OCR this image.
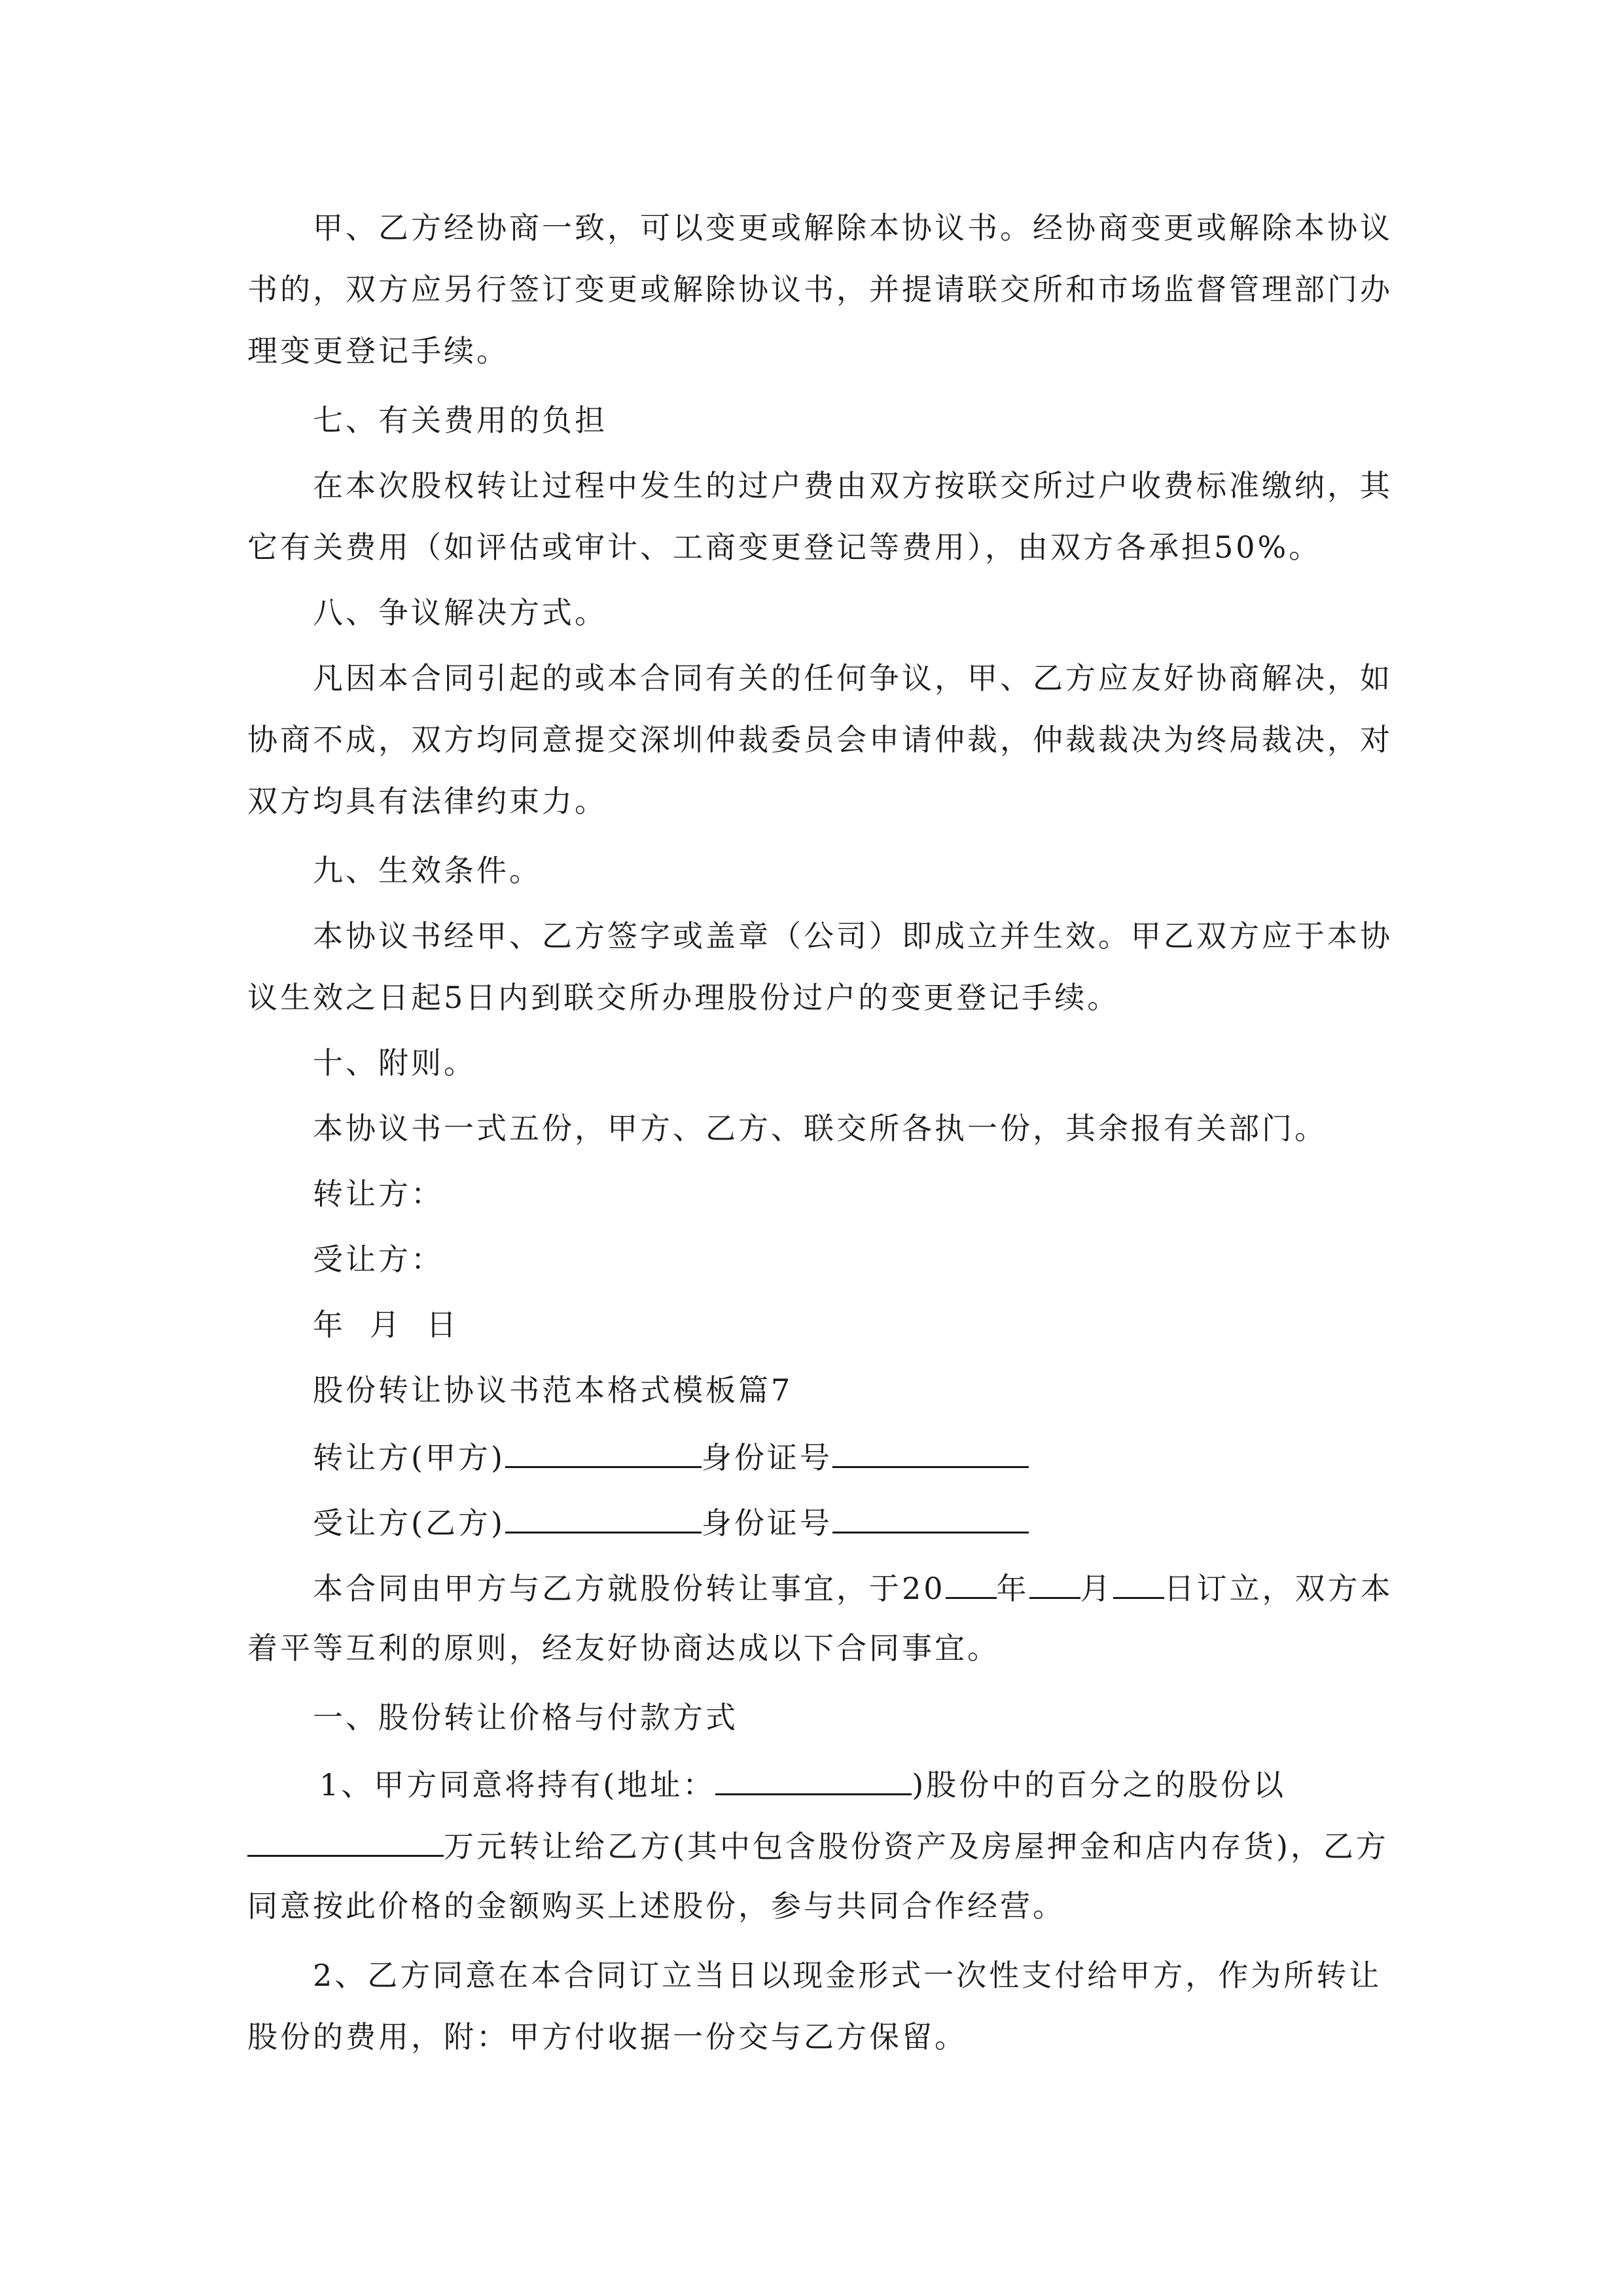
甲、乙方经协商一致，可以变更或解除本协议书。经协商变更或解除本协议
书的，双方应另行签订变更或解除协议书，并提请联交所和市场监督管理部门办
理变更登记手续。
七、有关费用的负担
在本次股权转让过程中发生的过户费由双方按联交所过户收费标准缴纳，其
它有关费用（如评估或审计、工商变更登记等费用），由双方各承担50%。
八、争议解决方式。
凡因本合同引起的或本合同有关的任何争议，甲、乙方应友好协商解决，如
协商不成，双方均同意提交深圳仲裁委员会申请仲裁，仲裁裁决为终局裁决，对
双方均具有法律约束力。
九、生效条件。
本协议书经甲、乙方签字或盖章（公司）即成立并生效。甲乙双方应于本协
议生效之日起5日内到联交所办理股份过户的变更登记手续。
十、附则。
本协议书一式五份，甲方、乙方、联交所各执一份，其余报有关部门。
转让方：
受让方：
年 月 日
股份转让协议书范本格式模板篇7
转让方(甲方)	身份证号
受让方(乙方)	身份证号
本合同由甲方与乙方就股份转让事宜，于20 年 月 日订立，双方本
着平等互利的原则，经友好协商达成以下合同事宜。
一、股份转让价格与付款方式
1、甲方同意将持有(地址：	)股份中的百分之的股份以
万元转让给乙方(其中包含股份资产及房屋押金和店内存货)，乙方
同意按此价格的金额购买上述股份，参与共同合作经营。
2、乙方同意在本合同订立当日以现金形式一次性支付给甲方，作为所转让
股份的费用，附：甲方付收据一份交与乙方保留。
